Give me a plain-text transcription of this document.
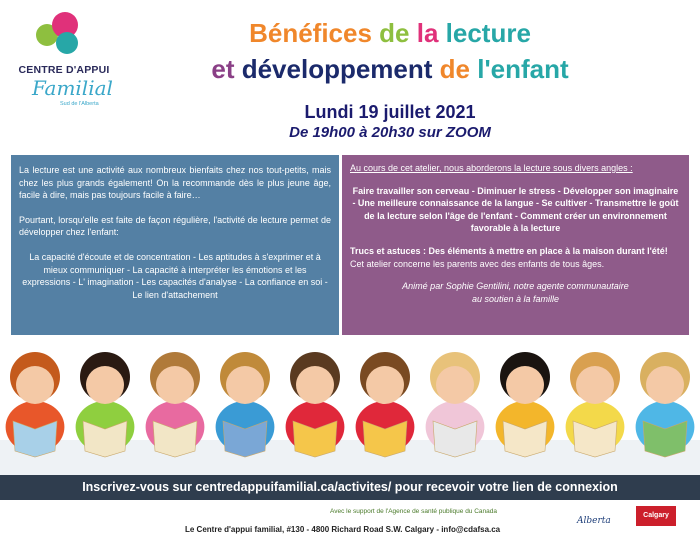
CENTRE D'APPUI
Familial
Sud de l'Alberta
Bénéfices de la lecture
et développement de l'enfant
Lundi 19 juillet 2021
De 19h00 à 20h30 sur ZOOM

La lecture est une activité aux nombreux bienfaits chez nos tout-petits, mais chez les plus grands également! On la recommande dès le plus jeune âge, facile à dire, mais pas toujours facile à faire…

Pourtant, lorsqu'elle est faite de façon régulière, l'activité de lecture permet de développer chez l'enfant:

La capacité d'écoute et de concentration - Les aptitudes à s'exprimer et à mieux communiquer - La capacité à interpréter les émotions et les expressions - L' imagination - Les capacités d'analyse - La confiance en soi - Le lien d'attachement

Au cours de cet atelier, nous aborderons la lecture sous divers angles :

Faire travailler son cerveau - Diminuer le stress - Développer son imaginaire - Une meilleure connaissance de la langue - Se cultiver - Transmettre le goût de la lecture selon l'âge de l'enfant - Comment créer un environnement favorable à la lecture

Trucs et astuces : Des éléments à mettre en place à la maison durant l'été!

Cet atelier concerne les parents avec des enfants de tous âges.

Animé par Sophie Gentilini, notre agente communautaire

au soutien à la famille

Inscrivez-vous sur centredappuifamilial.ca/activites/ pour recevoir votre lien de connexion
Avec le support de l'Agence de santé publique du Canada
Le Centre d'appui familial, #130 - 4800 Richard Road S.W. Calgary - info@cdafsa.ca
Alberta
Calgary
